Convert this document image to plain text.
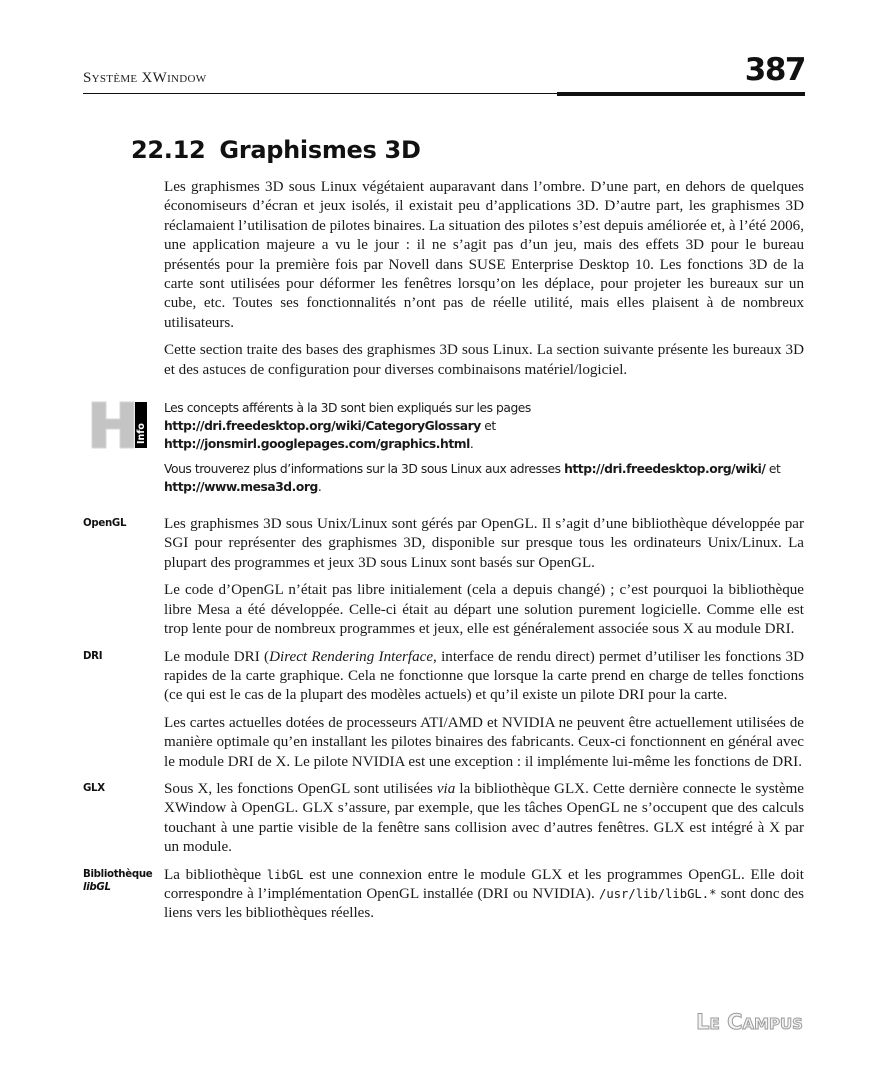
Système XWindow	387
22.12 Graphismes 3D

Les graphismes 3D sous Linux végétaient auparavant dans l’ombre. D’une part, en dehors de quelques économiseurs d’écran et jeux isolés, il existait peu d’applications 3D. D’autre part, les graphismes 3D réclamaient l’utilisation de pilotes binaires. La situation des pilotes s’est depuis améliorée et, à l’été 2006, une application majeure a vu le jour : il ne s’agit pas d’un jeu, mais des effets 3D pour le bureau présentés pour la première fois par Novell dans SUSE Enterprise Desktop 10. Les fonctions 3D de la carte sont utilisées pour déformer les fenêtres lorsqu’on les déplace, pour projeter les bureaux sur un cube, etc. Toutes ses fonctionnalités n’ont pas de réelle utilité, mais elles plaisent à de nombreux utilisateurs.

Cette section traite des bases des graphismes 3D sous Linux. La section suivante présente les bureaux 3D et des astuces de configuration pour diverses combinaisons matériel/logiciel.

Info

Les concepts afférents à la 3D sont bien expliqués sur les pages http://dri.freedesktop.org/wiki/CategoryGlossary et http://jonsmirl.googlepages.com/graphics.html.

Vous trouverez plus d’informations sur la 3D sous Linux aux adresses http://dri.freedesktop.org/wiki/ et http://www.mesa3d.org.

OpenGL	Les graphismes 3D sous Unix/Linux sont gérés par OpenGL. Il s’agit d’une bibliothèque développée par SGI pour représenter des graphismes 3D, disponible sur presque tous les ordinateurs Unix/Linux. La plupart des programmes et jeux 3D sous Linux sont basés sur OpenGL.

Le code d’OpenGL n’était pas libre initialement (cela a depuis changé) ; c’est pourquoi la bibliothèque libre Mesa a été développée. Celle-ci était au départ une solution purement logicielle. Comme elle est trop lente pour de nombreux programmes et jeux, elle est généralement associée sous X au module DRI.

DRI	Le module DRI (Direct Rendering Interface, interface de rendu direct) permet d’utiliser les fonctions 3D rapides de la carte graphique. Cela ne fonctionne que lorsque la carte prend en charge de telles fonctions (ce qui est le cas de la plupart des modèles actuels) et qu’il existe un pilote DRI pour la carte.

Les cartes actuelles dotées de processeurs ATI/AMD et NVIDIA ne peuvent être actuellement utilisées de manière optimale qu’en installant les pilotes binaires des fabricants. Ceux-ci fonctionnent en général avec le module DRI de X. Le pilote NVIDIA est une exception : il implémente lui-même les fonctions de DRI.

GLX	Sous X, les fonctions OpenGL sont utilisées via la bibliothèque GLX. Cette dernière connecte le système XWindow à OpenGL. GLX s’assure, par exemple, que les tâches OpenGL ne s’occupent que des calculs touchant à une partie visible de la fenêtre sans collision avec d’autres fenêtres. GLX est intégré à X par un module.

Bibliothèque
libGL

La bibliothèque libGL est une connexion entre le module GLX et les programmes OpenGL. Elle doit correspondre à l’implémentation OpenGL installée (DRI ou NVIDIA). /usr/lib/libGL.* sont donc des liens vers les bibliothèques réelles.

Le Campus
